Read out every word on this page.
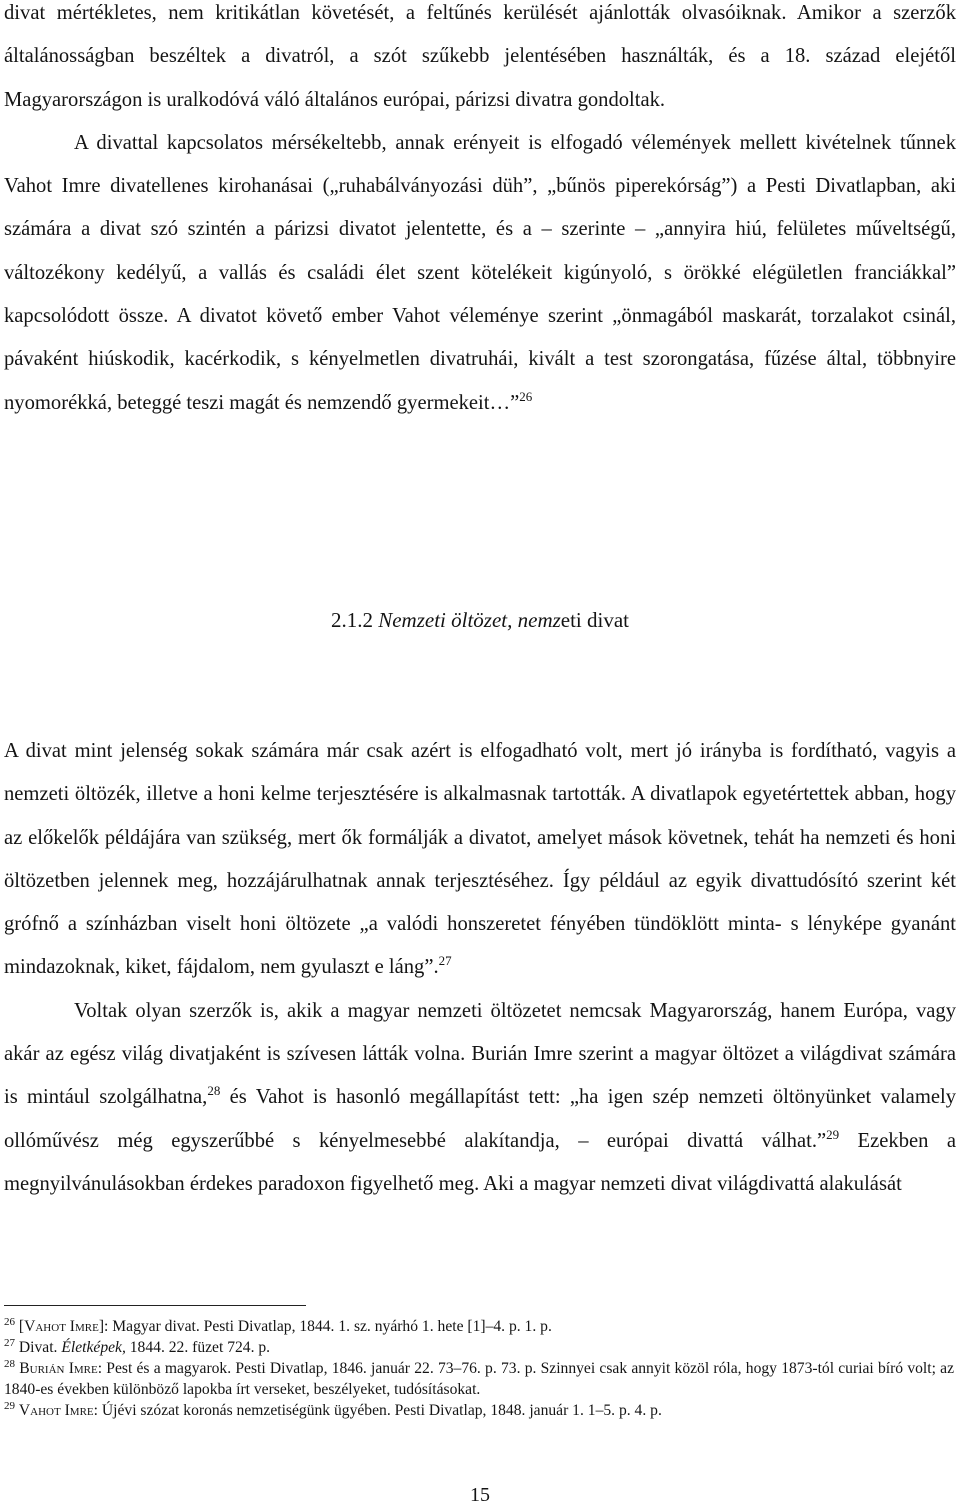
divat mértékletes, nem kritikátlan követését, a feltűnés kerülését ajánlották olvasóiknak. Amikor a szerzők általánosságban beszéltek a divatról, a szót szűkebb jelentésében használták, és a 18. század elejétől Magyarországon is uralkodóvá váló általános európai, párizsi divatra gondoltak.

A divattal kapcsolatos mérsékeltebb, annak erényeit is elfogadó vélemények mellett kivételnek tűnnek Vahot Imre divatellenes kirohanásai („ruhabálványozási düh”, „bűnös piperekórság”) a Pesti Divatlapban, aki számára a divat szó szintén a párizsi divatot jelentette, és a – szerinte – „annyira hiú, felületes műveltségű, változékony kedélyű, a vallás és családi élet szent kötelékeit kigúnyoló, s örökké elégületlen franciákkal” kapcsolódott össze. A divatot követő ember Vahot véleménye szerint „önmagából maskarát, torzalakot csinál, pávaként hiúskodik, kacérkodik, s kényelmetlen divatruhái, kivált a test szorongatása, fűzése által, többnyire nyomorékká, beteggé teszi magát és nemzendő gyermekeit…”$^{26}$

2.1.2 Nemzeti öltözet, nemzeti divat

A divat mint jelenség sokak számára már csak azért is elfogadható volt, mert jó irányba is fordítható, vagyis a nemzeti öltözék, illetve a honi kelme terjesztésére is alkalmasnak tartották. A divatlapok egyetértettek abban, hogy az előkelők példájára van szükség, mert ők formálják a divatot, amelyet mások követnek, tehát ha nemzeti és honi öltözetben jelennek meg, hozzájárulhatnak annak terjesztéséhez. Így például az egyik divattudósító szerint két grófnő a színházban viselt honi öltözete „a valódi honszeretet fényében tündöklött minta- s lényképe gyanánt mindazoknak, kiket, fájdalom, nem gyulaszt e láng”.$^{27}$

Voltak olyan szerzők is, akik a magyar nemzeti öltözetet nemcsak Magyarország, hanem Európa, vagy akár az egész világ divatjaként is szívesen látták volna. Burián Imre szerint a magyar öltözet a világdivat számára is mintául szolgálhatna,$^{28}$ és Vahot is hasonló megállapítást tett: „ha igen szép nemzeti öltönyünket valamely ollóművész még egyszerűbbé s kényelmesebbé alakítandja, – európai divattá válhat.”$^{29}$ Ezekben a megnyilvánulásokban érdekes paradoxon figyelhető meg. Aki a magyar nemzeti divat világdivattá alakulását

$^{26}$ [Vahot Imre]: Magyar divat. Pesti Divatlap, 1844. 1. sz. nyárhó 1. hete [1]–4. p. 1. p.

$^{27}$ Divat. Életképek, 1844. 22. füzet 724. p.

$^{28}$ Burián Imre: Pest és a magyarok. Pesti Divatlap, 1846. január 22. 73–76. p. 73. p. Szinnyei csak annyit közöl róla, hogy 1873-tól curiai bíró volt; az 1840-es években különböző lapokba írt verseket, beszélyeket, tudósításokat.

$^{29}$ Vahot Imre: Újévi szózat koronás nemzetiségünk ügyében. Pesti Divatlap, 1848. január 1. 1–5. p. 4. p.

15
